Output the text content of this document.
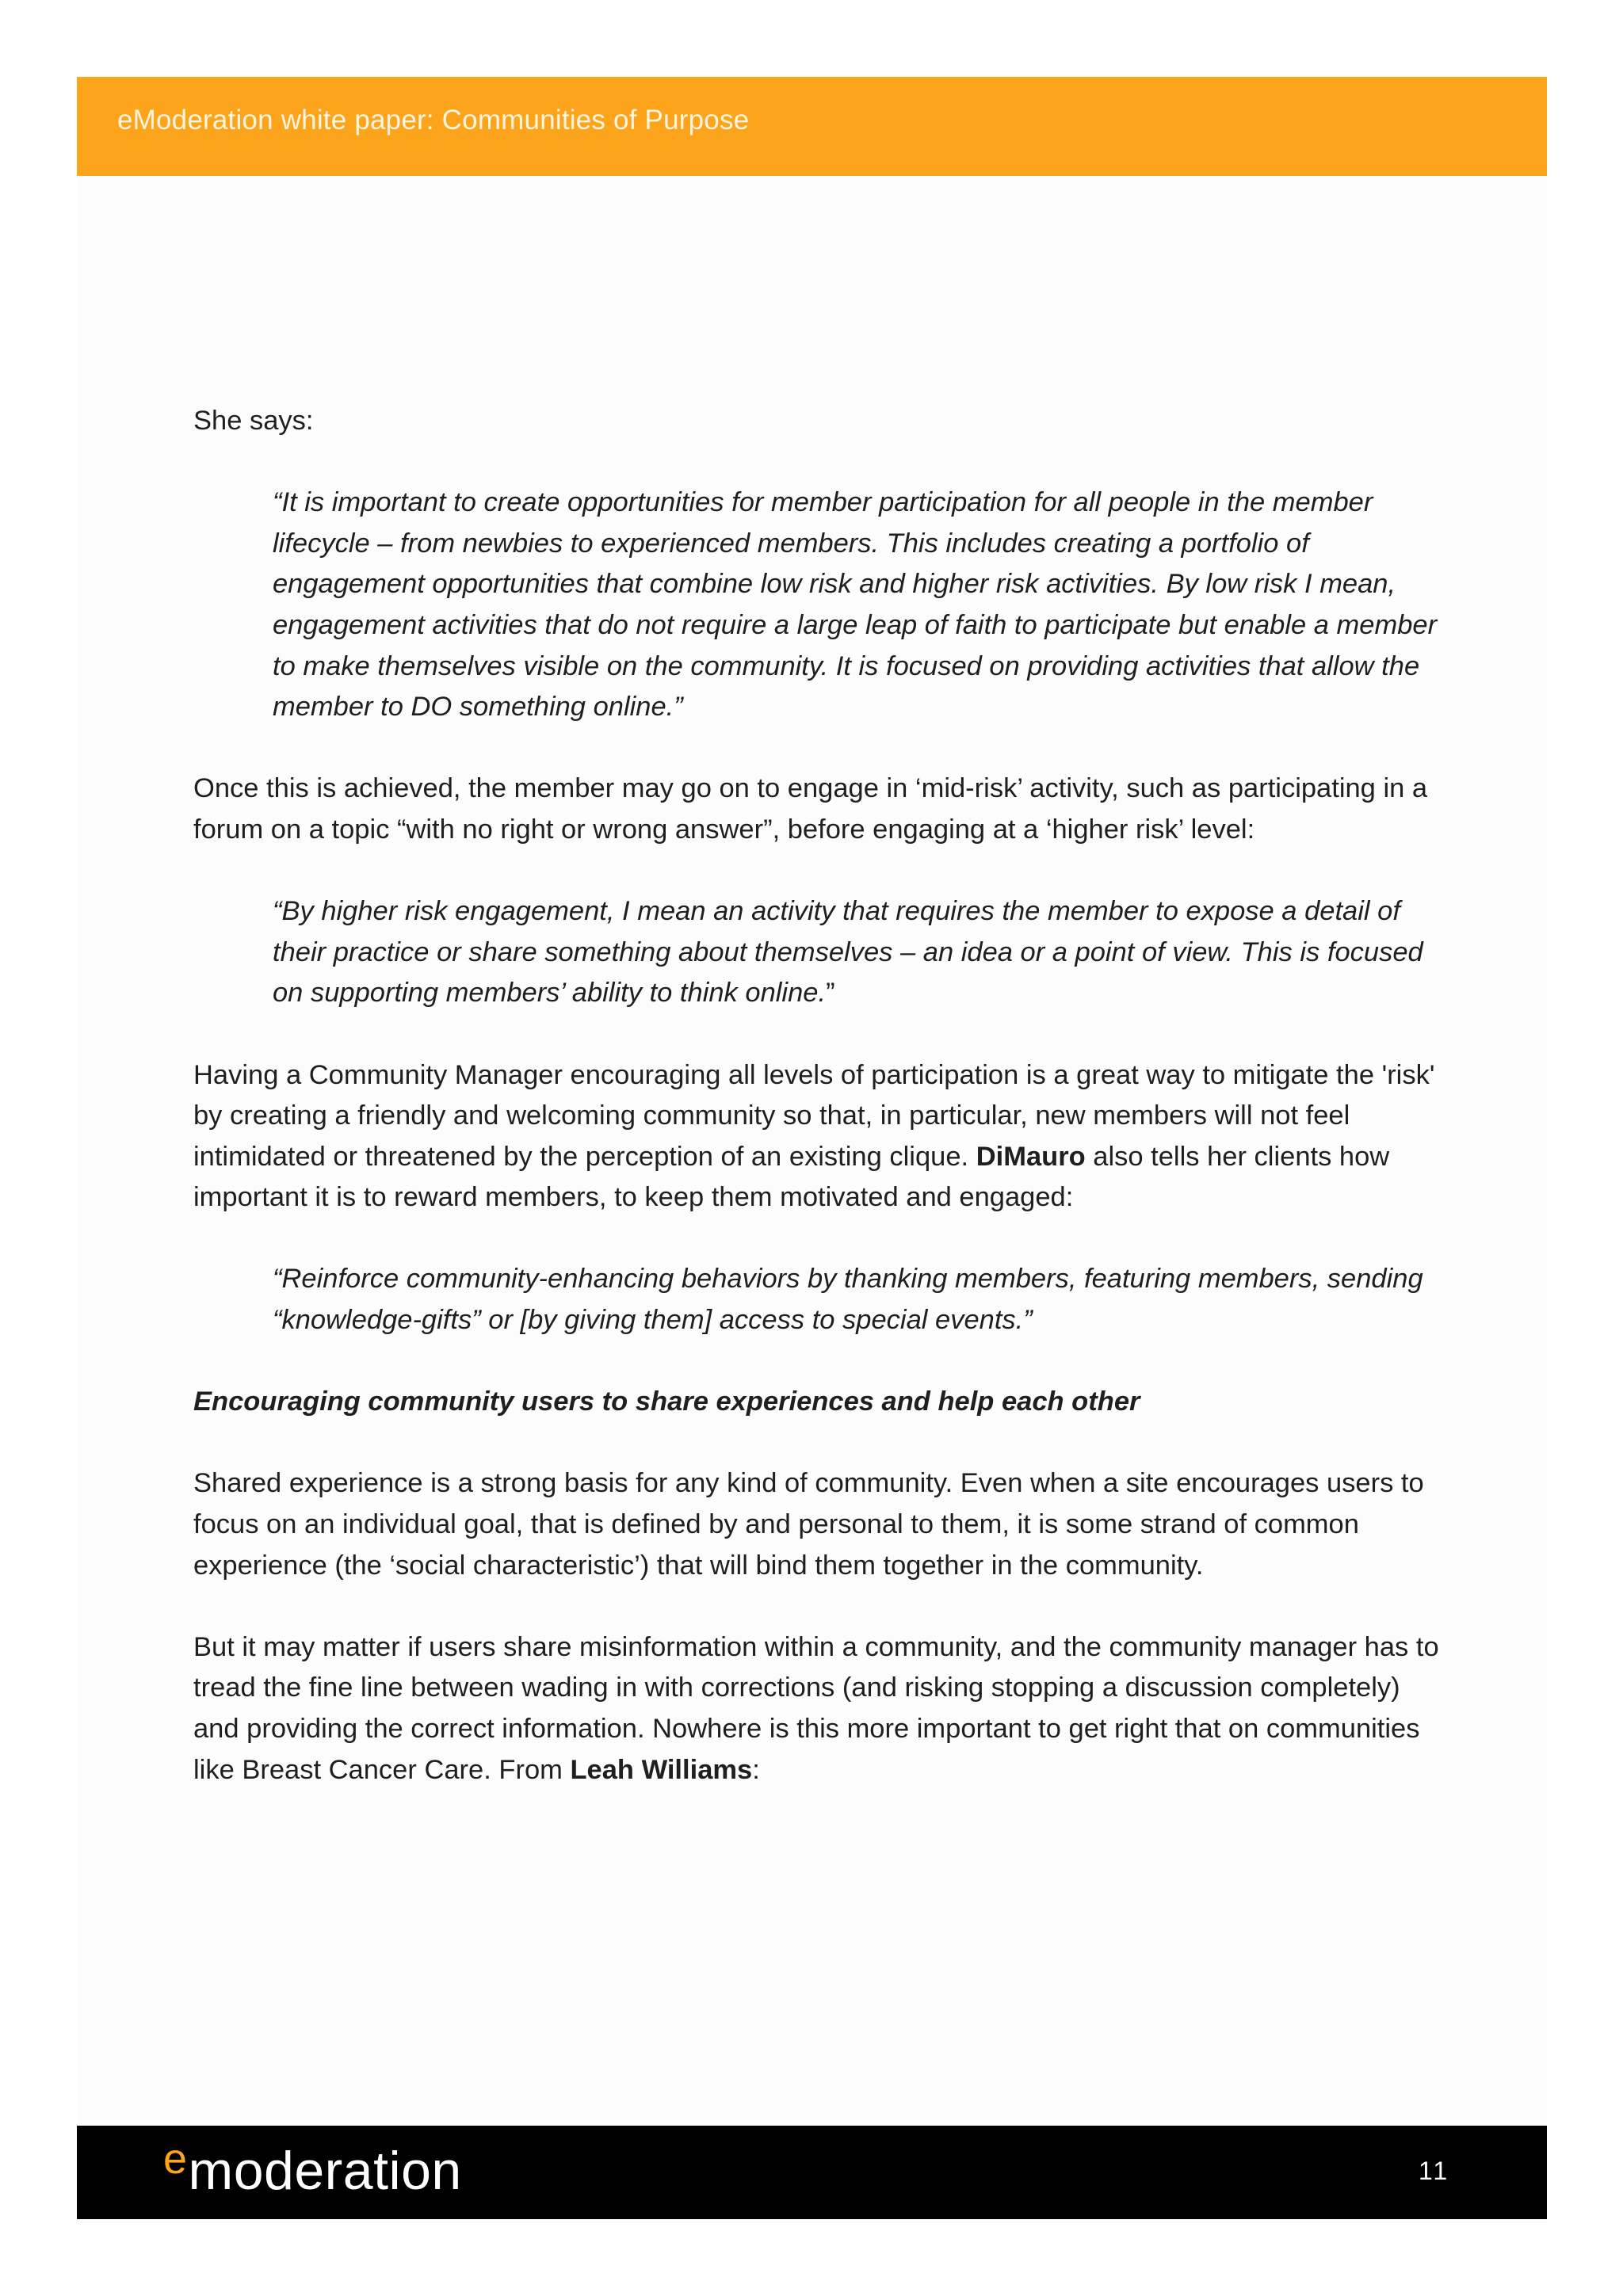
eModeration white paper: Communities of Purpose

She says:

“It is important to create opportunities for member participation for all people in the member lifecycle – from newbies to experienced members. This includes creating a portfolio of engagement opportunities that combine low risk and higher risk activities. By low risk I mean, engagement activities that do not require a large leap of faith to participate but enable a member to make themselves visible on the community. It is focused on providing activities that allow the member to DO something online.”

Once this is achieved, the member may go on to engage in ‘mid-risk’ activity, such as participating in a forum on a topic “with no right or wrong answer”, before engaging at a ‘higher risk’ level:

“By higher risk engagement, I mean an activity that requires the member to expose a detail of their practice or share something about themselves – an idea or a point of view. This is focused on supporting members’ ability to think online.”

Having a Community Manager encouraging all levels of participation is a great way to mitigate the 'risk' by creating a friendly and welcoming community so that, in particular, new members will not feel intimidated or threatened by the perception of an existing clique. DiMauro also tells her clients how important it is to reward members, to keep them motivated and engaged:

“Reinforce community-enhancing behaviors by thanking members, featuring members, sending “knowledge-gifts” or [by giving them] access to special events.”

Encouraging community users to share experiences and help each other

Shared experience is a strong basis for any kind of community. Even when a site encourages users to focus on an individual goal, that is defined by and personal to them, it is some strand of common experience (the ‘social characteristic’) that will bind them together in the community.

But it may matter if users share misinformation within a community, and the community manager has to tread the fine line between wading in with corrections (and risking stopping a discussion completely) and providing the correct information. Nowhere is this more important to get right that on communities like Breast Cancer Care. From Leah Williams:

$^e$moderation	11
